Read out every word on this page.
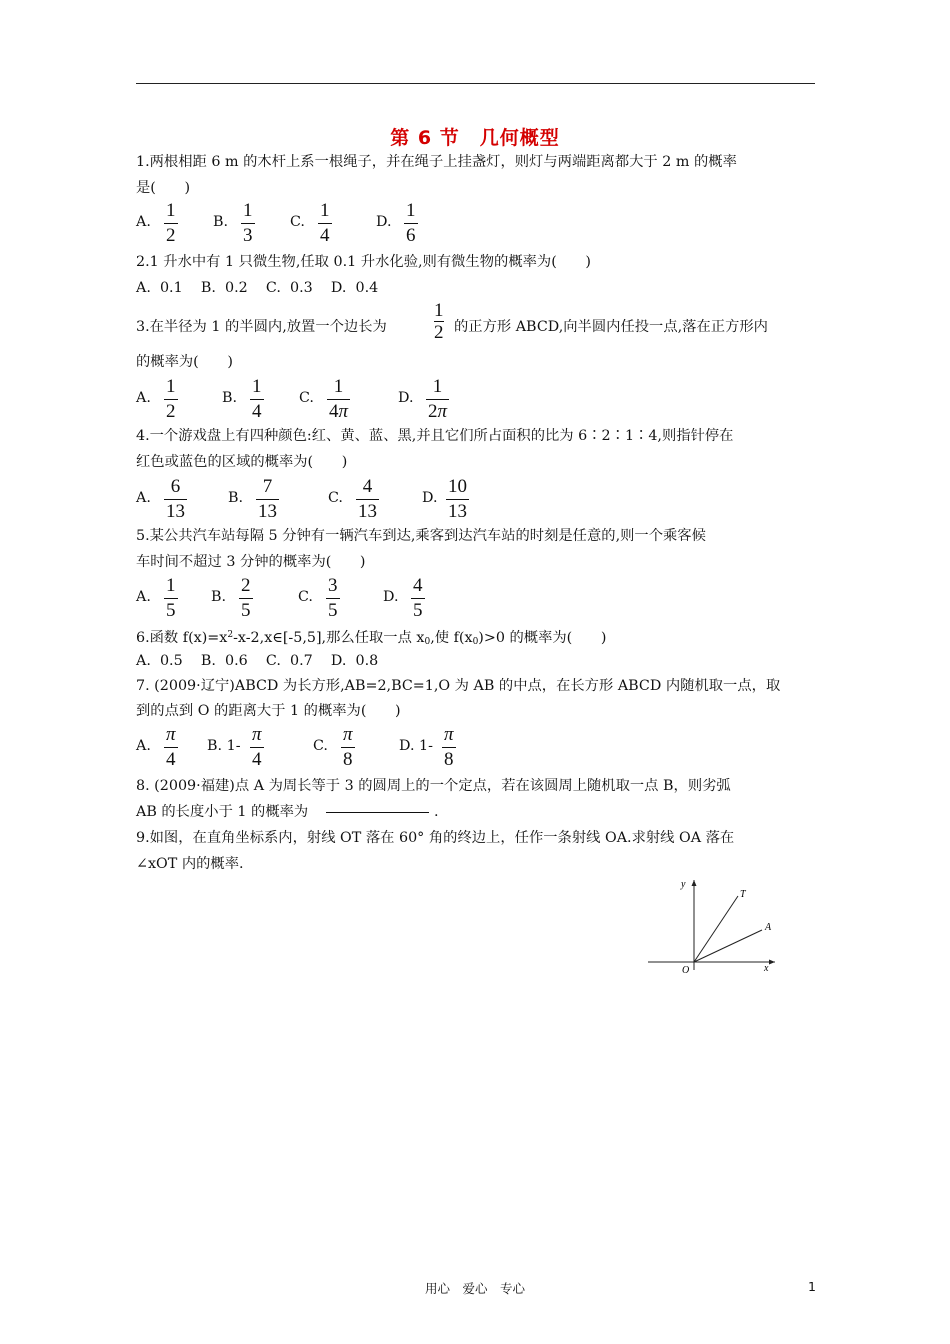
第 6 节　几何概型
1.两根相距 6 m 的木杆上系一根绳子，并在绳子上挂盏灯，则灯与两端距离都大于 2 m 的概率
是(　　)
A.
1
2
B.
1
3
C.
1
4
D.
1
6
2.1 升水中有 1 只微生物,任取 0.1 升水化验,则有微生物的概率为(　　)
A.  0.1    B.  0.2    C.  0.3    D.  0.4
3.在半径为 1 的半圆内,放置一个边长为
1
2 的正方形 ABCD,向半圆内任投一点,落在正方形内
的概率为(　　)
A.
1
2
B.
1
4
C.
1
4π
D.
1
2π
4.一个游戏盘上有四种颜色:红、黄、蓝、黑,并且它们所占面积的比为 6∶2∶1∶4,则指针停在
红色或蓝色的区域的概率为(　　)
A.
6
13
B.
7
13
C.
4
13
D.
10
13
5.某公共汽车站每隔 5 分钟有一辆汽车到达,乘客到达汽车站的时刻是任意的,则一个乘客候
车时间不超过 3 分钟的概率为(　　)
A.
1
5
B.
2
5
C.
3
5
D.
4
5
6.函数 $f(x)=x^2-x-2,x\in[-5,5]$,那么任取一点 $x_0$,使 $f(x_0)>0$ 的概率为(　　)
A.  0.5    B.  0.6    C.  0.7    D.  0.8
7. (2009·辽宁)ABCD 为长方形,AB=2,BC=1,O 为 AB 的中点，在长方形 ABCD 内随机取一点，取
到的点到 O 的距离大于 1 的概率为(　　)
A.
π
4
B. 1-
π
4
C.
π
8
D. 1-
π
8
8. (2009·福建)点 A 为周长等于 3 的圆周上的一个定点，若在该圆周上随机取一点 B，则劣弧
AB 的长度小于 1 的概率为	.
9.如图，在直角坐标系内，射线 OT 落在 60° 角的终边上，任作一条射线 OA.求射线 OA 落在
∠xOT 内的概率.
y
x
O
T
A
用心　爱心　专心	1
